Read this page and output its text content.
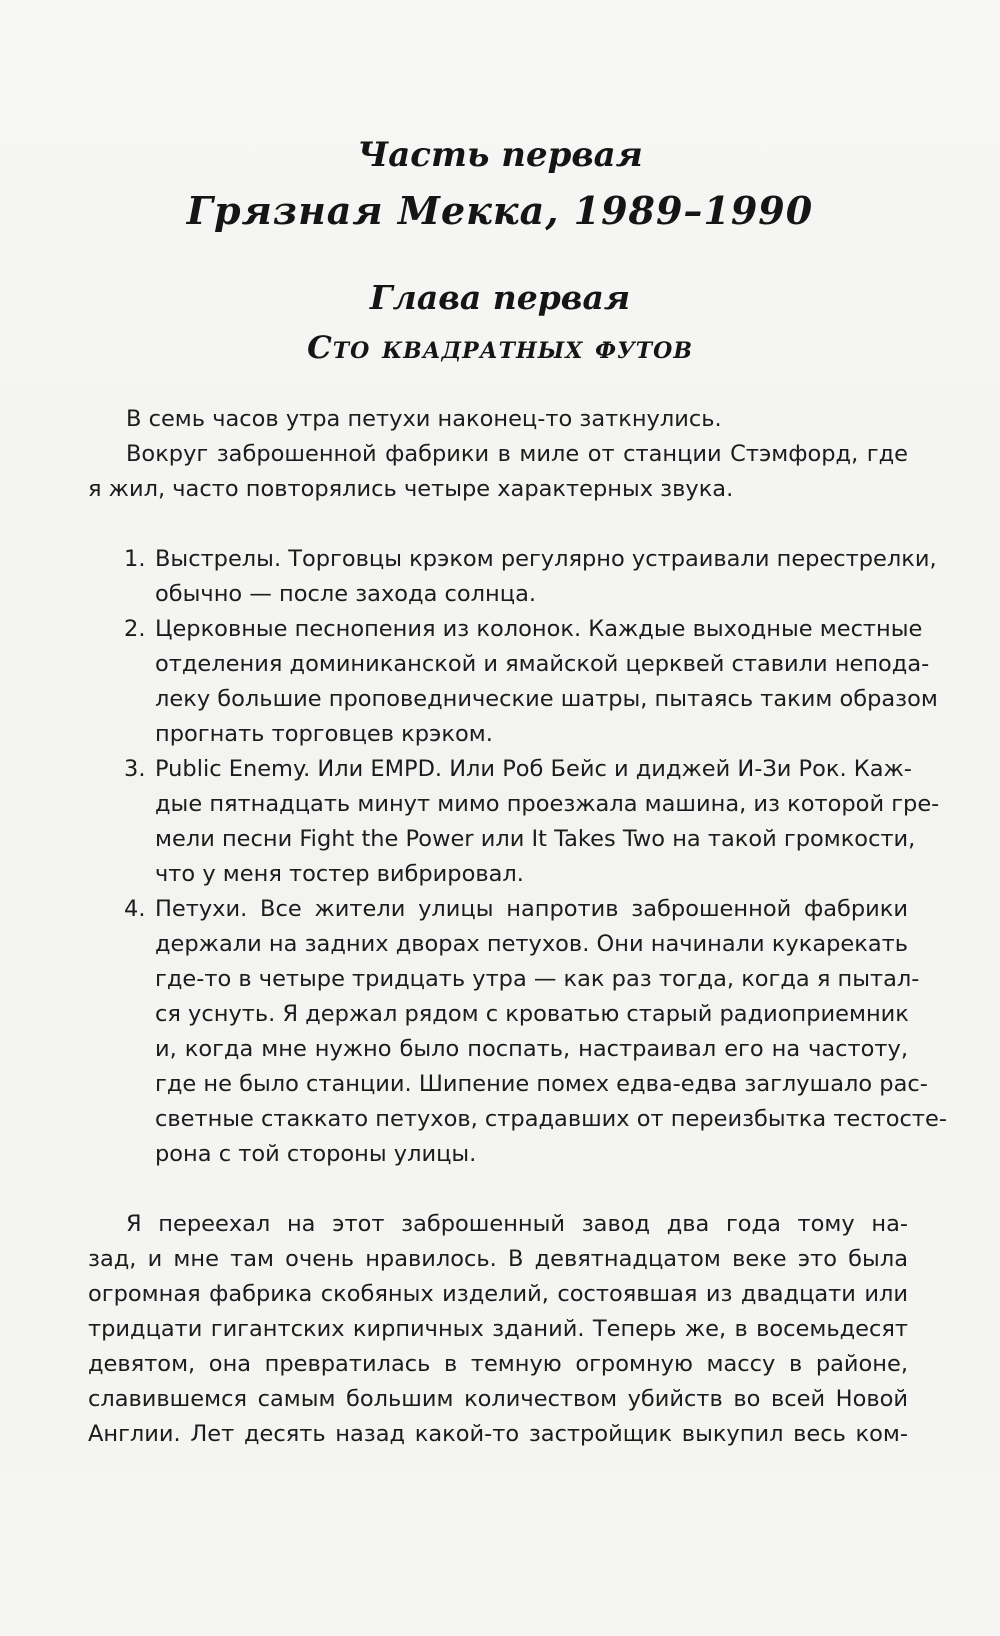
Часть первая
Грязная Мекка, 1989–1990
Глава первая
Сто квадратных футов
В семь часов утра петухи наконец-то заткнулись.
Вокруг заброшенной фабрики в миле от станции Стэмфорд, где
я жил, часто повторялись четыре характерных звука.
1. Выстрелы. Торговцы крэком регулярно устраивали перестрелки,
обычно — после захода солнца.
2. Церковные песнопения из колонок. Каждые выходные местные
отделения доминиканской и ямайской церквей ставили непода-
леку большие проповеднические шатры, пытаясь таким образом
прогнать торговцев крэком.
3. Public Enemy. Или EMPD. Или Роб Бейс и диджей И-Зи Рок. Каж-
дые пятнадцать минут мимо проезжала машина, из которой гре-
мели песни Fight the Power или It Takes Two на такой громкости,
что у меня тостер вибрировал.
4. Петухи. Все жители улицы напротив заброшенной фабрики
держали на задних дворах петухов. Они начинали кукарекать
где-то в четыре тридцать утра — как раз тогда, когда я пытал-
ся уснуть. Я держал рядом с кроватью старый радиоприемник
и, когда мне нужно было поспать, настраивал его на частоту,
где не было станции. Шипение помех едва-едва заглушало рас-
светные стаккато петухов, страдавших от переизбытка тестосте-
рона с той стороны улицы.
Я переехал на этот заброшенный завод два года тому на-
зад, и мне там очень нравилось. В девятнадцатом веке это была
огромная фабрика скобяных изделий, состоявшая из двадцати или
тридцати гигантских кирпичных зданий. Теперь же, в восемьдесят
девятом, она превратилась в темную огромную массу в районе,
славившемся самым большим количеством убийств во всей Новой
Англии. Лет десять назад какой-то застройщик выкупил весь ком-
